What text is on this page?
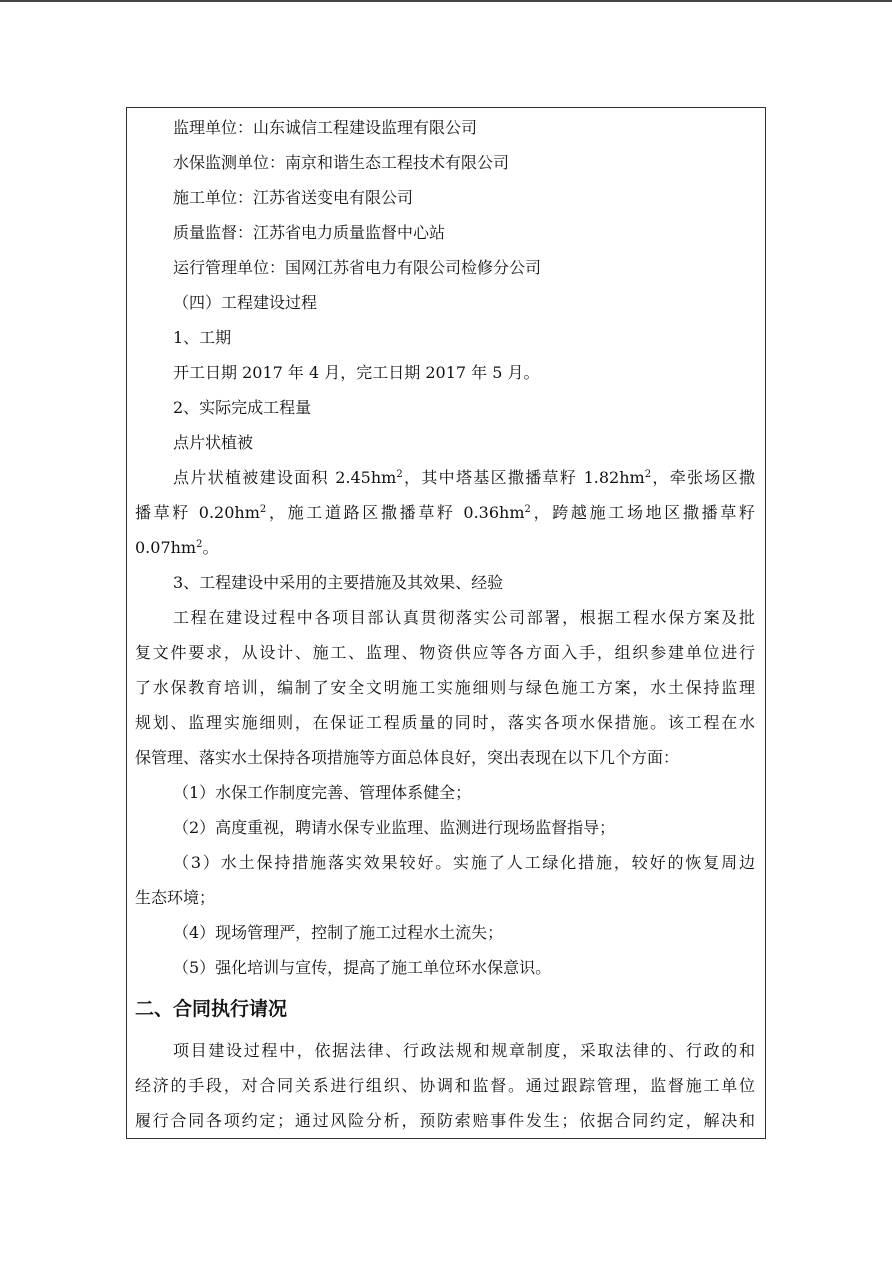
监理单位：山东诚信工程建设监理有限公司
水保监测单位：南京和谐生态工程技术有限公司
施工单位：江苏省送变电有限公司
质量监督：江苏省电力质量监督中心站
运行管理单位：国网江苏省电力有限公司检修分公司
（四）工程建设过程
1、工期
开工日期 2017 年 4 月，完工日期 2017 年 5 月。
2、实际完成工程量
点片状植被
点片状植被建设面积 $2.45hm^2$，其中塔基区撒播草籽 $1.82hm^2$，牵张场区撒
播草籽 $0.20hm^2$，施工道路区撒播草籽 $0.36hm^2$，跨越施工场地区撒播草籽
$0.07hm^2$。
3、工程建设中采用的主要措施及其效果、经验
工程在建设过程中各项目部认真贯彻落实公司部署，根据工程水保方案及批
复文件要求，从设计、施工、监理、物资供应等各方面入手，组织参建单位进行
了水保教育培训，编制了安全文明施工实施细则与绿色施工方案，水土保持监理
规划、监理实施细则，在保证工程质量的同时，落实各项水保措施。该工程在水
保管理、落实水土保持各项措施等方面总体良好，突出表现在以下几个方面：
（1）水保工作制度完善、管理体系健全；
（2）高度重视，聘请水保专业监理、监测进行现场监督指导；
（3）水土保持措施落实效果较好。实施了人工绿化措施，较好的恢复周边
生态环境；
（4）现场管理严，控制了施工过程水土流失；
（5）强化培训与宣传，提高了施工单位环水保意识。
二、合同执行请况
项目建设过程中，依据法律、行政法规和规章制度，采取法律的、行政的和
经济的手段，对合同关系进行组织、协调和监督。通过跟踪管理，监督施工单位
履行合同各项约定；通过风险分析，预防索赔事件发生；依据合同约定，解决和
